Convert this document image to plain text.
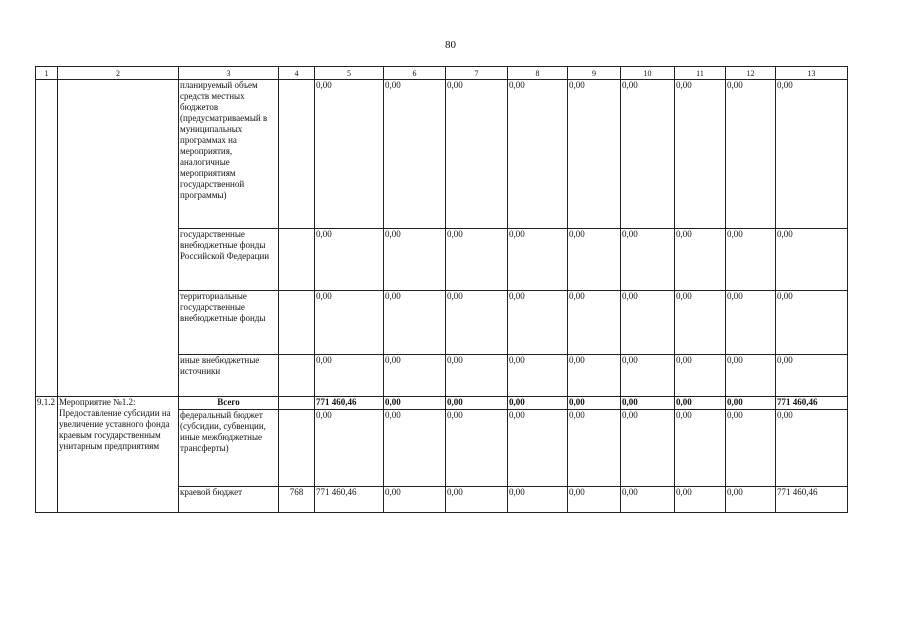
80
1	2	3	4	5	6	7	8	9	10	11	12	13
		планируемый объем средств местных бюджетов (предусматриваемый в муниципальных программах на мероприятия, аналогичные мероприятиям государственной программы)		0,00	0,00	0,00	0,00	0,00	0,00	0,00	0,00	0,00
		государственные внебюджетные фонды Российской Федерации		0,00	0,00	0,00	0,00	0,00	0,00	0,00	0,00	0,00
		территориальные государственные внебюджетные фонды		0,00	0,00	0,00	0,00	0,00	0,00	0,00	0,00	0,00
		иные внебюджетные источники		0,00	0,00	0,00	0,00	0,00	0,00	0,00	0,00	0,00
9.1.2	Мероприятие №1.2: Предоставление субсидии на увеличение уставного фонда краевым государственным унитарным предприятиям	Всего		771 460,46	0,00	0,00	0,00	0,00	0,00	0,00	0,00	771 460,46
		федеральный бюджет (субсидии, субвенции, иные межбюджетные трансферты)		0,00	0,00	0,00	0,00	0,00	0,00	0,00	0,00	0,00
		краевой бюджет	768	771 460,46	0,00	0,00	0,00	0,00	0,00	0,00	0,00	771 460,46
